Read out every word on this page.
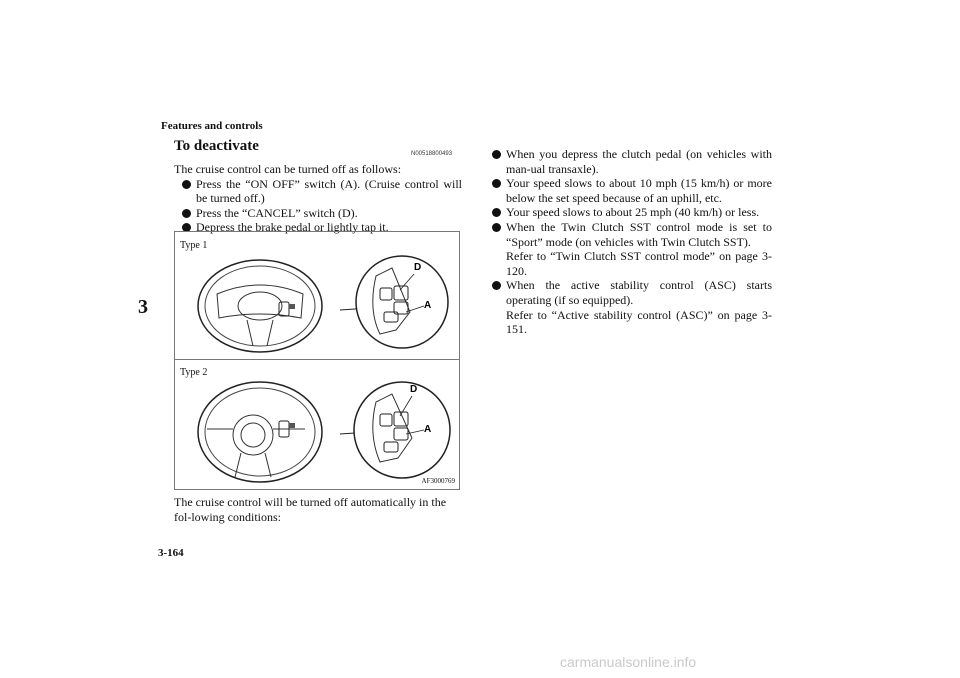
Features and controls
3
3-164
To deactivate	N00518800493

The cruise control can be turned off as follows:

Press the “ON OFF” switch (A). (Cruise control will be turned off.)
Press the “CANCEL” switch (D).
Depress the brake pedal or lightly tap it.
Type 1
Type 2
D
A
D
A
AF3000769
The cruise control will be turned off automatically in the fol-lowing conditions:
When you depress the clutch pedal (on vehicles with man-ual transaxle).
Your speed slows to about 10 mph (15 km/h) or more below the set speed because of an uphill, etc.
Your speed slows to about 25 mph (40 km/h) or less.
When the Twin Clutch SST control mode is set to “Sport” mode (on vehicles with Twin Clutch SST).
Refer to “Twin Clutch SST control mode” on page 3-120.
When the active stability control (ASC) starts operating (if so equipped).
Refer to “Active stability control (ASC)” on page 3-151.
carmanualsonline.info
